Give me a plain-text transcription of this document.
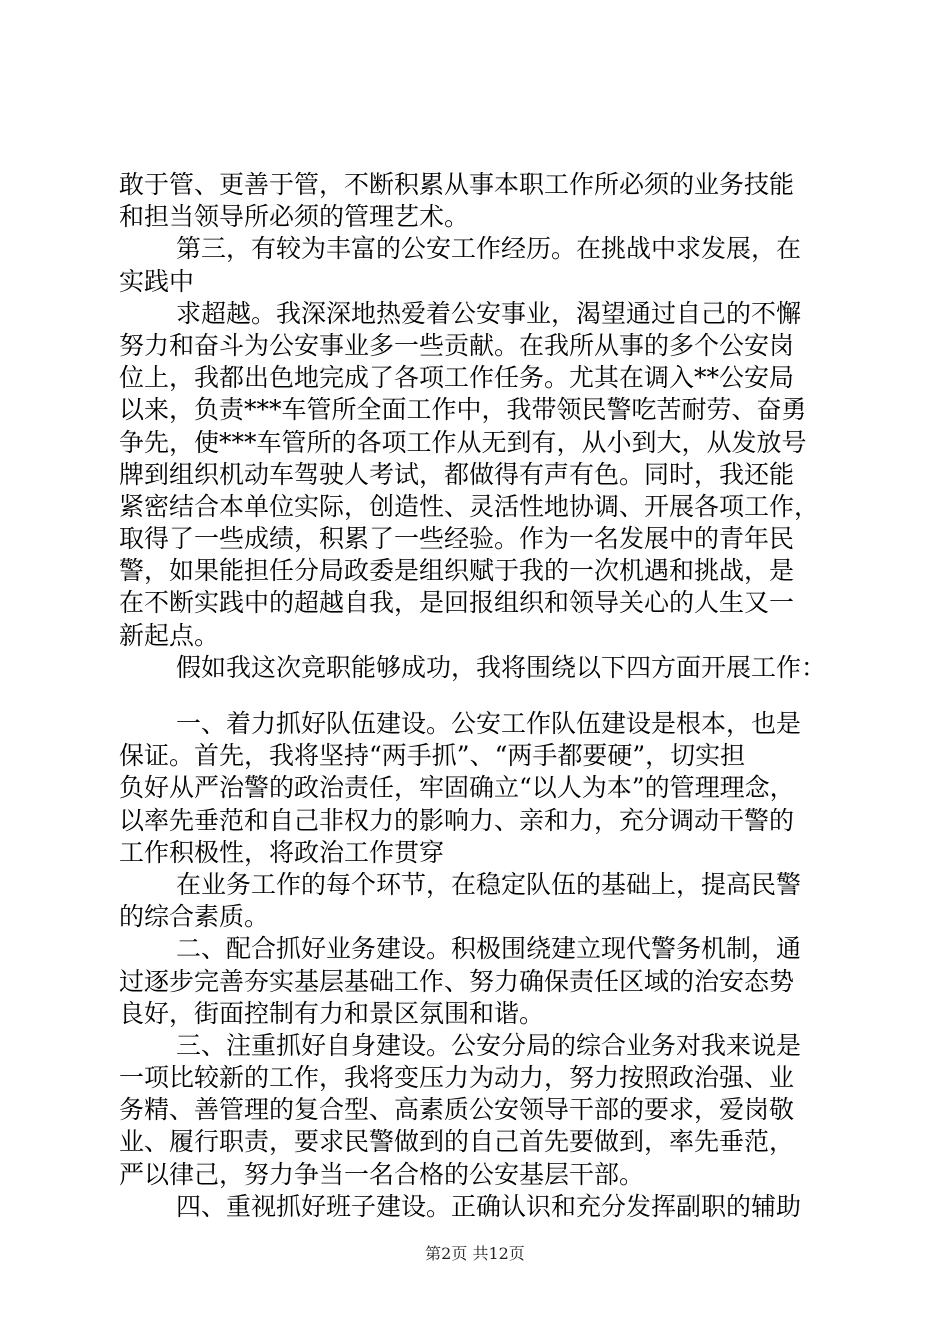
敢于管、更善于管，不断积累从事本职工作所必须的业务技能
和担当领导所必须的管理艺术。
第三，有较为丰富的公安工作经历。在挑战中求发展，在
实践中
求超越。我深深地热爱着公安事业，渴望通过自己的不懈
努力和奋斗为公安事业多一些贡献。在我所从事的多个公安岗
位上，我都出色地完成了各项工作任务。尤其在调入**公安局
以来，负责***车管所全面工作中，我带领民警吃苦耐劳、奋勇
争先，使***车管所的各项工作从无到有，从小到大，从发放号
牌到组织机动车驾驶人考试，都做得有声有色。同时，我还能
紧密结合本单位实际，创造性、灵活性地协调、开展各项工作，
取得了一些成绩，积累了一些经验。作为一名发展中的青年民
警，如果能担任分局政委是组织赋于我的一次机遇和挑战，是
在不断实践中的超越自我，是回报组织和领导关心的人生又一
新起点。
假如我这次竞职能够成功，我将围绕以下四方面开展工作：
一、着力抓好队伍建设。公安工作队伍建设是根本，也是
保证。首先，我将坚持“两手抓”、“两手都要硬”，切实担
负好从严治警的政治责任，牢固确立“以人为本”的管理理念，
以率先垂范和自己非权力的影响力、亲和力，充分调动干警的
工作积极性，将政治工作贯穿
在业务工作的每个环节，在稳定队伍的基础上，提高民警
的综合素质。
二、配合抓好业务建设。积极围绕建立现代警务机制，通
过逐步完善夯实基层基础工作、努力确保责任区域的治安态势
良好，街面控制有力和景区氛围和谐。
三、注重抓好自身建设。公安分局的综合业务对我来说是
一项比较新的工作，我将变压力为动力，努力按照政治强、业
务精、善管理的复合型、高素质公安领导干部的要求，爱岗敬
业、履行职责，要求民警做到的自己首先要做到，率先垂范，
严以律己，努力争当一名合格的公安基层干部。
四、重视抓好班子建设。正确认识和充分发挥副职的辅助
第2页 共12页
